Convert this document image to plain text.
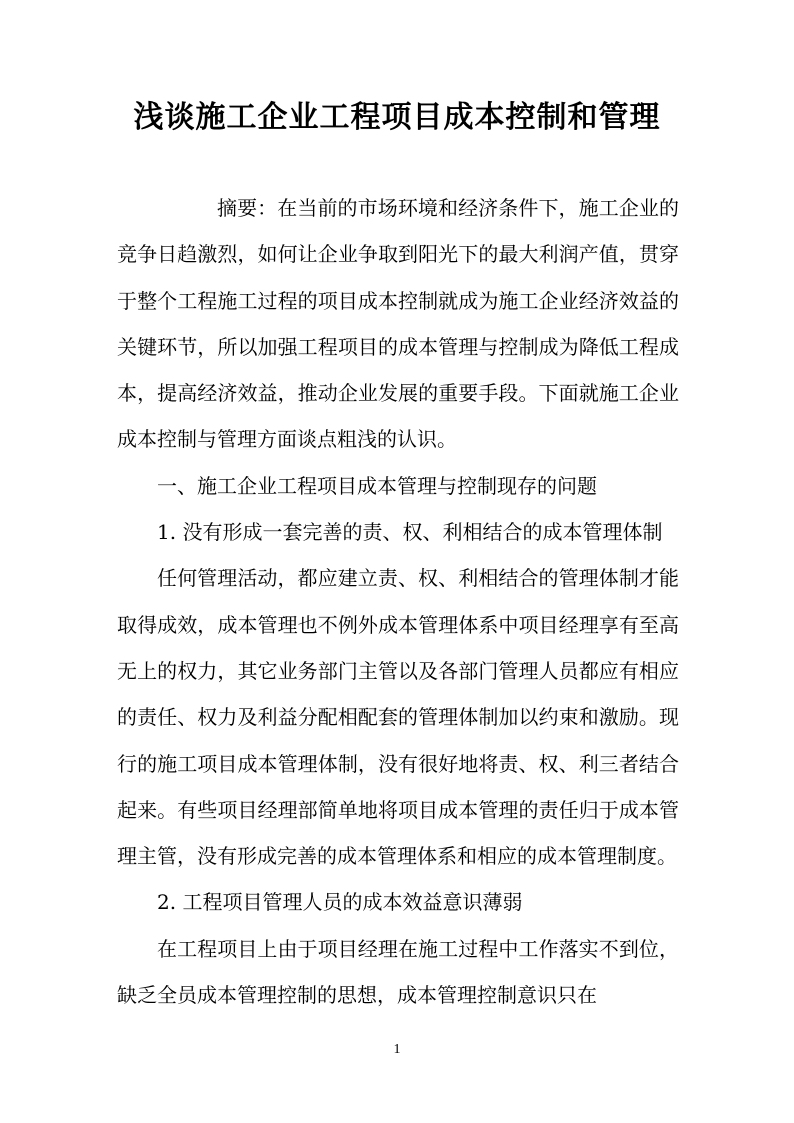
浅谈施工企业工程项目成本控制和管理

摘要：在当前的市场环境和经济条件下，施工企业的竞争日趋激烈，如何让企业争取到阳光下的最大利润产值，贯穿于整个工程施工过程的项目成本控制就成为施工企业经济效益的关键环节，所以加强工程项目的成本管理与控制成为降低工程成本，提高经济效益，推动企业发展的重要手段。下面就施工企业成本控制与管理方面谈点粗浅的认识。

一、施工企业工程项目成本管理与控制现存的问题

1. 没有形成一套完善的责、权、利相结合的成本管理体制

任何管理活动，都应建立责、权、利相结合的管理体制才能取得成效，成本管理也不例外成本管理体系中项目经理享有至高无上的权力，其它业务部门主管以及各部门管理人员都应有相应的责任、权力及利益分配相配套的管理体制加以约束和激励。现行的施工项目成本管理体制，没有很好地将责、权、利三者结合起来。有些项目经理部简单地将项目成本管理的责任归于成本管理主管，没有形成完善的成本管理体系和相应的成本管理制度。

2. 工程项目管理人员的成本效益意识薄弱

在工程项目上由于项目经理在施工过程中工作落实不到位，缺乏全员成本管理控制的思想，成本管理控制意识只在

1
